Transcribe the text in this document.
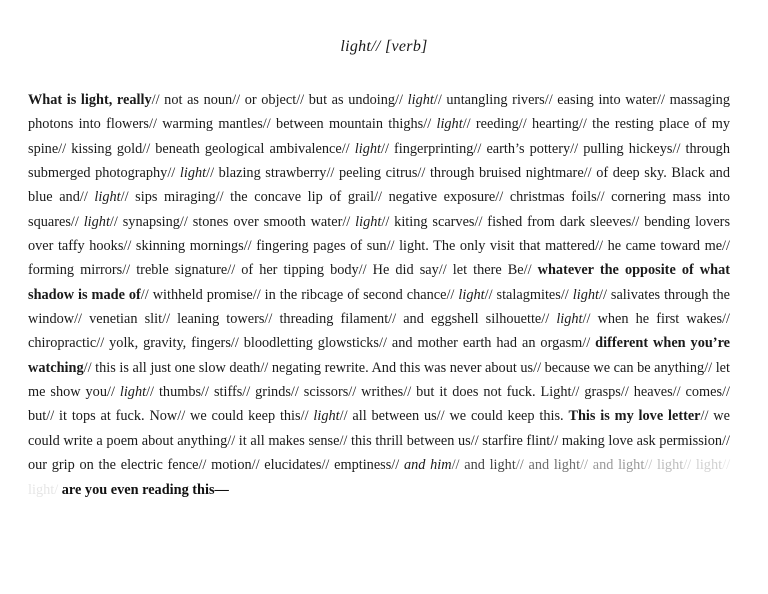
light// [verb]
What is light, really// not as noun// or object// but as undoing// light// untangling rivers// easing into water// massaging photons into flowers// warming mantles// between mountain thighs// light// reeding// hearting// the resting place of my spine// kissing gold// beneath geological ambivalence// light// fingerprinting// earth’s pottery// pulling hickeys// through submerged photography// light// blazing strawberry// peeling citrus// through bruised nightmare// of deep sky. Black and blue and// light// sips miraging// the concave lip of grail// negative exposure// christmas foils// cornering mass into squares// light// synapsing// stones over smooth water// light// kiting scarves// fished from dark sleeves// bending lovers over taffy hooks// skinning mornings// fingering pages of sun// light. The only visit that mattered// he came toward me// forming mirrors// treble signature// of her tipping body// He did say// let there Be// whatever the opposite of what shadow is made of// withheld promise// in the ribcage of second chance// light// stalagmites// light// salivates through the window// venetian slit// leaning towers// threading filament// and eggshell silhouette// light// when he first wakes// chiropractic// yolk, gravity, fingers// bloodletting glowsticks// and mother earth had an orgasm// different when you’re watching// this is all just one slow death// negating rewrite. And this was never about us// because we can be anything// let me show you// light// thumbs// stiffs// grinds// scissors// writhes// but it does not fuck. Light// grasps// heaves// comes// but// it tops at fuck. Now// we could keep this// light// all between us// we could keep this. This is my love letter// we could write a poem about anything// it all makes sense// this thrill between us// starfire flint// making love ask permission// our grip on the electric fence// motion// elucidates// emptiness// and him// and light// and light// and light// light// light// light/ are you even reading this—
